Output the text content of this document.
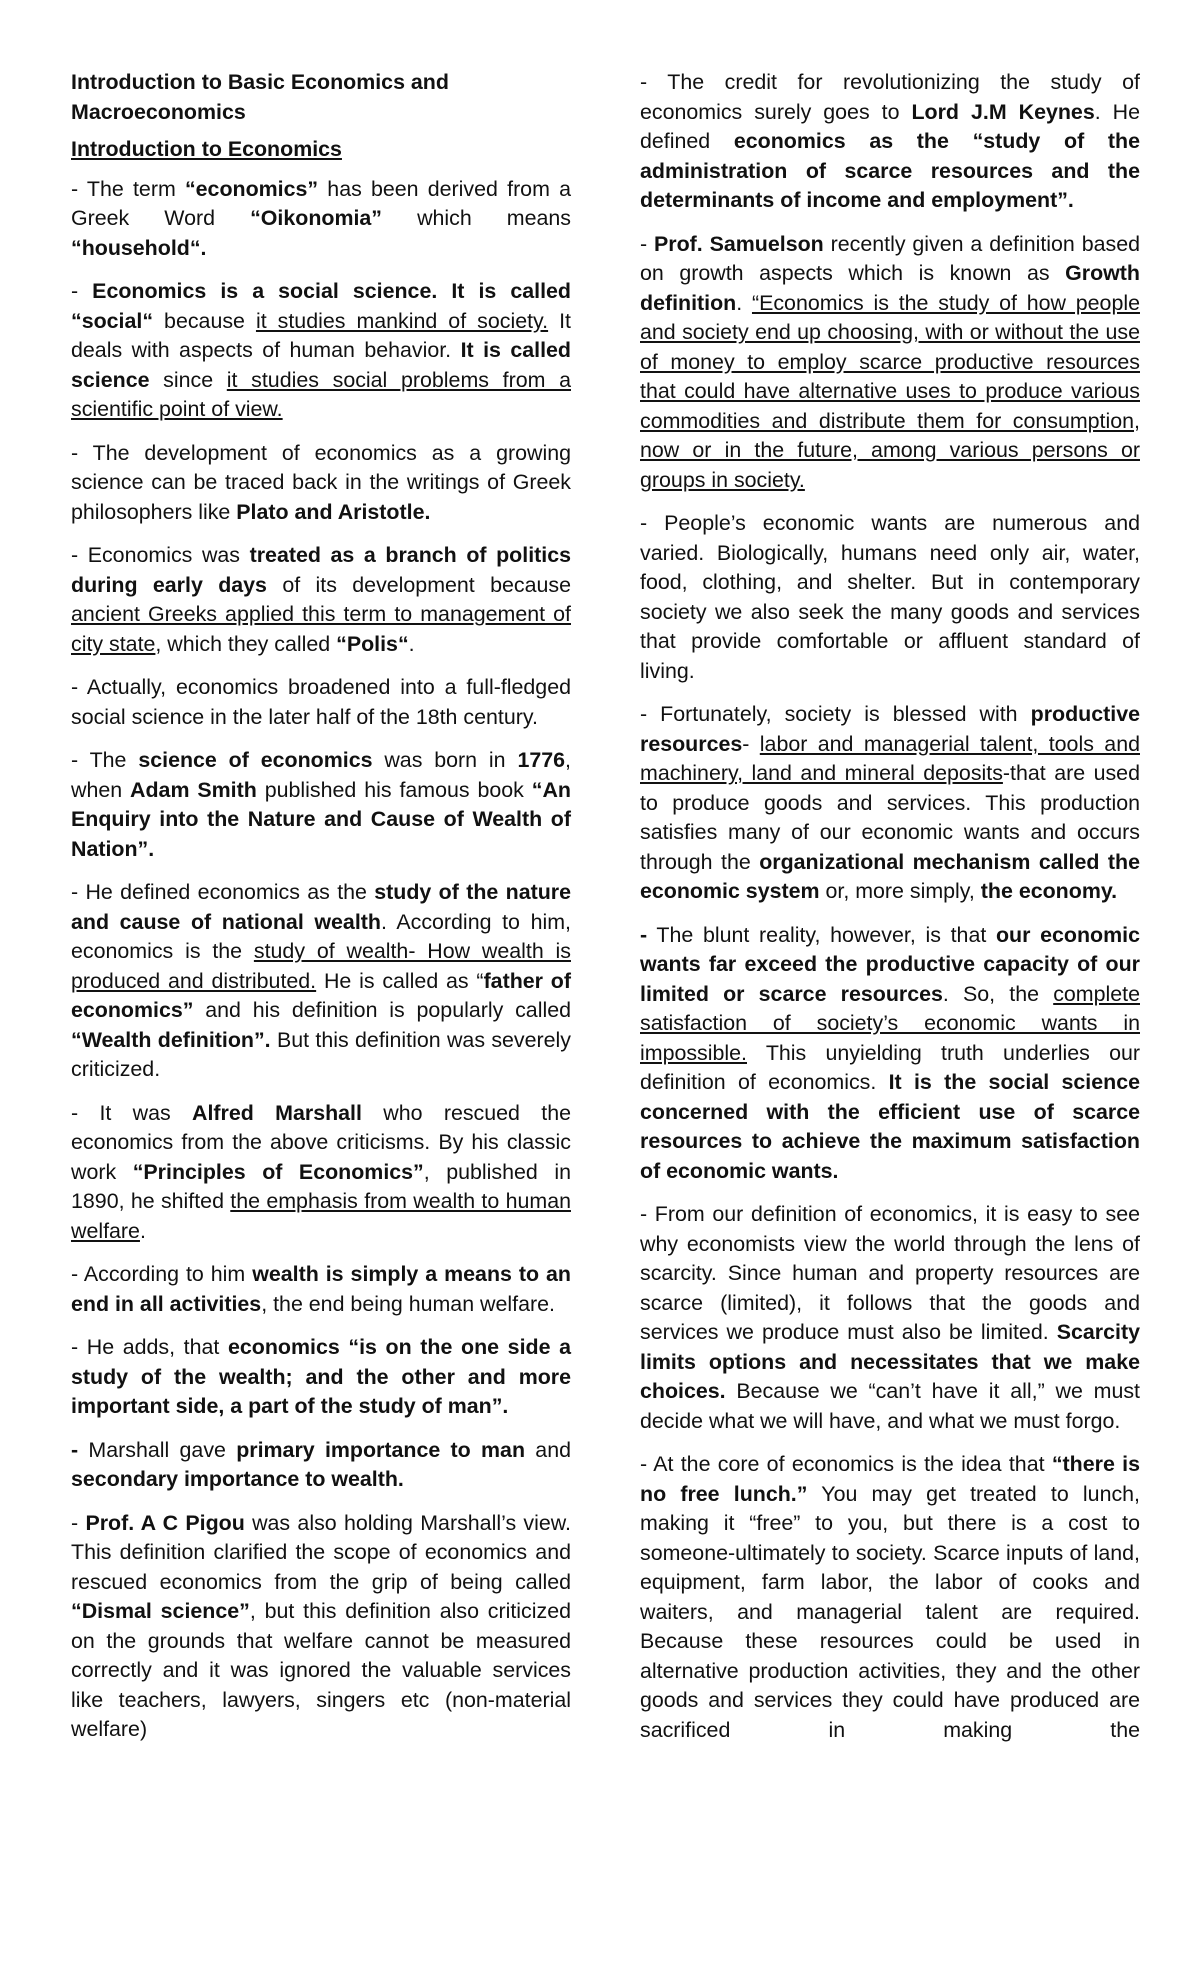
Introduction to Basic Economics and Macroeconomics
Introduction to Economics

- The term “economics” has been derived from a Greek Word “Oikonomia” which means “household“.

- Economics is a social science. It is called “social“ because it studies mankind of society. It deals with aspects of human behavior. It is called science since it studies social problems from a scientific point of view.

- The development of economics as a growing science can be traced back in the writings of Greek philosophers like Plato and Aristotle.

- Economics was treated as a branch of politics during early days of its development because ancient Greeks applied this term to management of city state, which they called “Polis“.

- Actually, economics broadened into a full-fledged social science in the later half of the 18th century.

- The science of economics was born in 1776, when Adam Smith published his famous book “An Enquiry into the Nature and Cause of Wealth of Nation”.

- He defined economics as the study of the nature and cause of national wealth. According to him, economics is the study of wealth- How wealth is produced and distributed. He is called as “father of economics” and his definition is popularly called “Wealth definition”. But this definition was severely criticized.

- It was Alfred Marshall who rescued the economics from the above criticisms. By his classic work “Principles of Economics”, published in 1890, he shifted the emphasis from wealth to human welfare.

- According to him wealth is simply a means to an end in all activities, the end being human welfare.

- He adds, that economics “is on the one side a study of the wealth; and the other and more important side, a part of the study of man”.

- Marshall gave primary importance to man and secondary importance to wealth.

- Prof. A C Pigou was also holding Marshall’s view. This definition clarified the scope of economics and rescued economics from the grip of being called “Dismal science”, but this definition also criticized on the grounds that welfare cannot be measured correctly and it was ignored the valuable services like teachers, lawyers, singers etc (non-material welfare)

- The credit for revolutionizing the study of economics surely goes to Lord J.M Keynes. He defined economics as the “study of the administration of scarce resources and the determinants of income and employment”.

- Prof. Samuelson recently given a definition based on growth aspects which is known as Growth definition. “Economics is the study of how people and society end up choosing, with or without the use of money to employ scarce productive resources that could have alternative uses to produce various commodities and distribute them for consumption, now or in the future, among various persons or groups in society.

- People’s economic wants are numerous and varied. Biologically, humans need only air, water, food, clothing, and shelter. But in contemporary society we also seek the many goods and services that provide comfortable or affluent standard of living.

- Fortunately, society is blessed with productive resources- labor and managerial talent, tools and machinery, land and mineral deposits-that are used to produce goods and services. This production satisfies many of our economic wants and occurs through the organizational mechanism called the economic system or, more simply, the economy.

- The blunt reality, however, is that our economic wants far exceed the productive capacity of our limited or scarce resources. So, the complete satisfaction of society’s economic wants in impossible. This unyielding truth underlies our definition of economics. It is the social science concerned with the efficient use of scarce resources to achieve the maximum satisfaction of economic wants.

- From our definition of economics, it is easy to see why economists view the world through the lens of scarcity. Since human and property resources are scarce (limited), it follows that the goods and services we produce must also be limited. Scarcity limits options and necessitates that we make choices. Because we “can’t have it all,” we must decide what we will have, and what we must forgo.

- At the core of economics is the idea that “there is no free lunch.” You may get treated to lunch, making it “free” to you, but there is a cost to someone-ultimately to society. Scarce inputs of land, equipment, farm labor, the labor of cooks and waiters, and managerial talent are required. Because these resources could be used in alternative production activities, they and the other goods and services they could have produced are sacrificed in making the
